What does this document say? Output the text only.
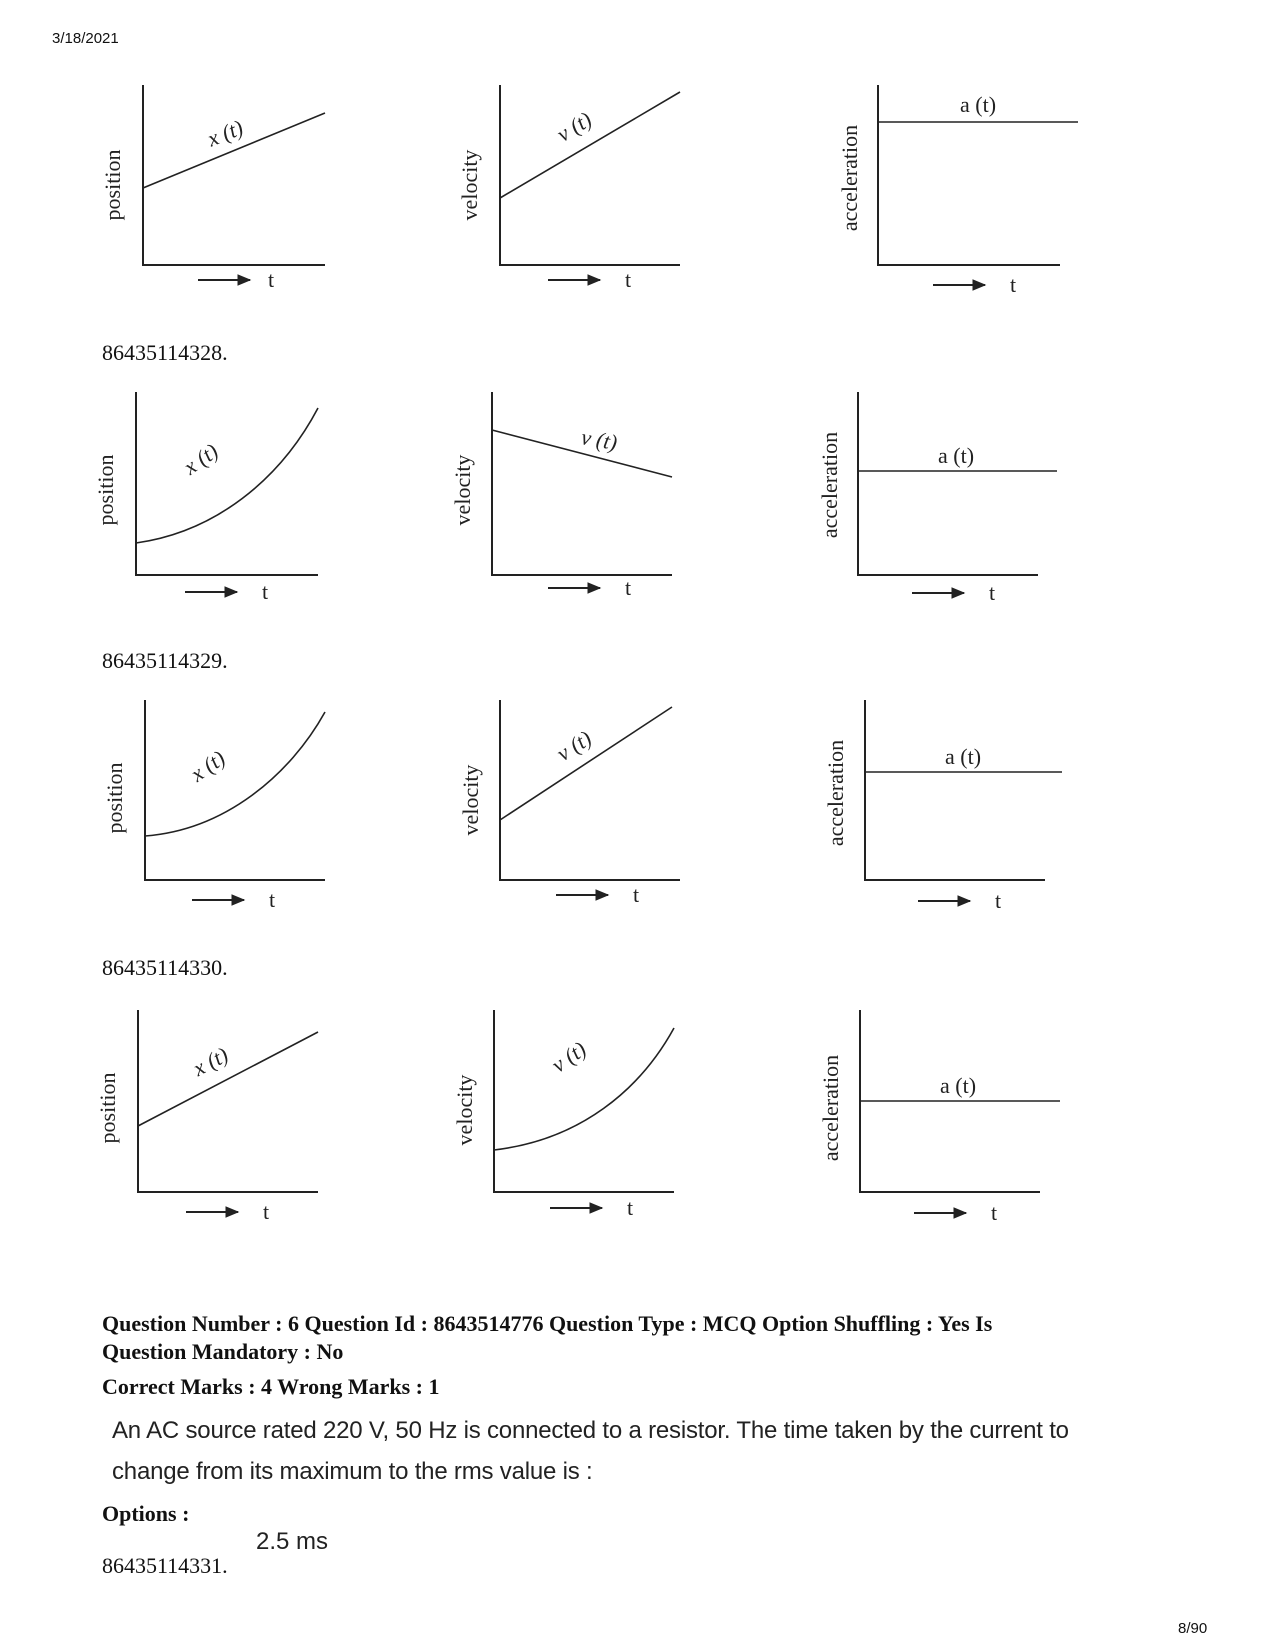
3/18/2021
position
x (t)
t
velocity
v (t)
t
acceleration
a (t)
t
position	x (t)
t
velocity
v (t)
t
acceleration	a (t)
t
position	x (t)
t
velocity
v (t)
t
acceleration	a (t)
t
position
x (t)
t
velocity
v (t)
t
acceleration	a (t)
t
86435114328.
86435114329.
86435114330.
Question Number : 6 Question Id : 8643514776 Question Type : MCQ Option Shuffling : Yes Is
Question Mandatory : No
Correct Marks : 4 Wrong Marks : 1
An AC source rated 220 V, 50 Hz is connected to a resistor. The time taken by the current to
change from its maximum to the rms value is :
Options :
86435114331.
2.5 ms
8/90
